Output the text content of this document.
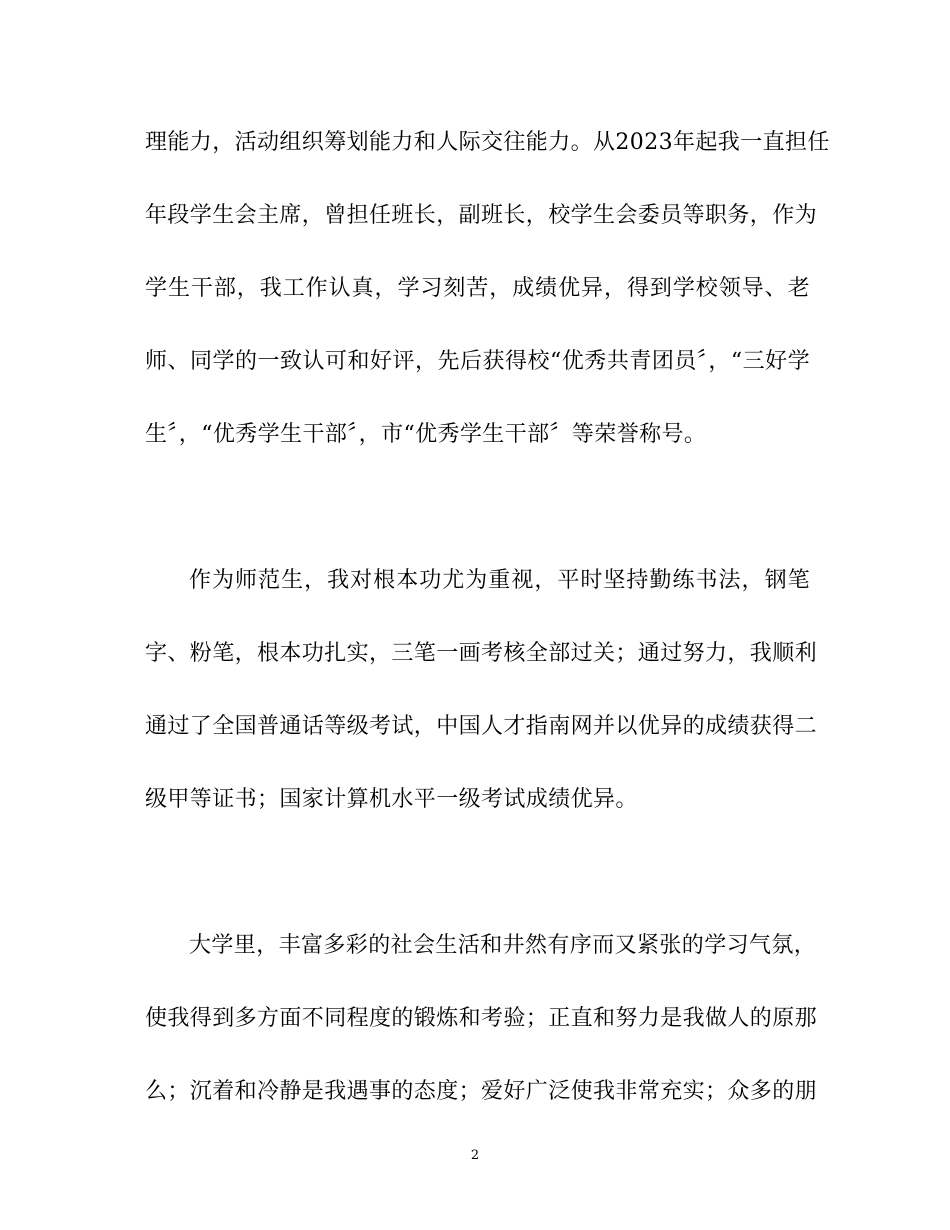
理能力，活动组织筹划能力和人际交往能力。从2023年起我一直担任
年段学生会主席，曾担任班长，副班长，校学生会委员等职务，作为
学生干部，我工作认真，学习刻苦，成绩优异，得到学校领导、老
师、同学的一致认可和好评，先后获得校“优秀共青团员〞，“三好学
生〞，“优秀学生干部〞，市“优秀学生干部〞等荣誉称号。
作为师范生，我对根本功尤为重视，平时坚持勤练书法，钢笔
字、粉笔，根本功扎实，三笔一画考核全部过关；通过努力，我顺利
通过了全国普通话等级考试，中国人才指南网并以优异的成绩获得二
级甲等证书；国家计算机水平一级考试成绩优异。
大学里，丰富多彩的社会生活和井然有序而又紧张的学习气氛，
使我得到多方面不同程度的锻炼和考验；正直和努力是我做人的原那
么；沉着和冷静是我遇事的态度；爱好广泛使我非常充实；众多的朋
2
